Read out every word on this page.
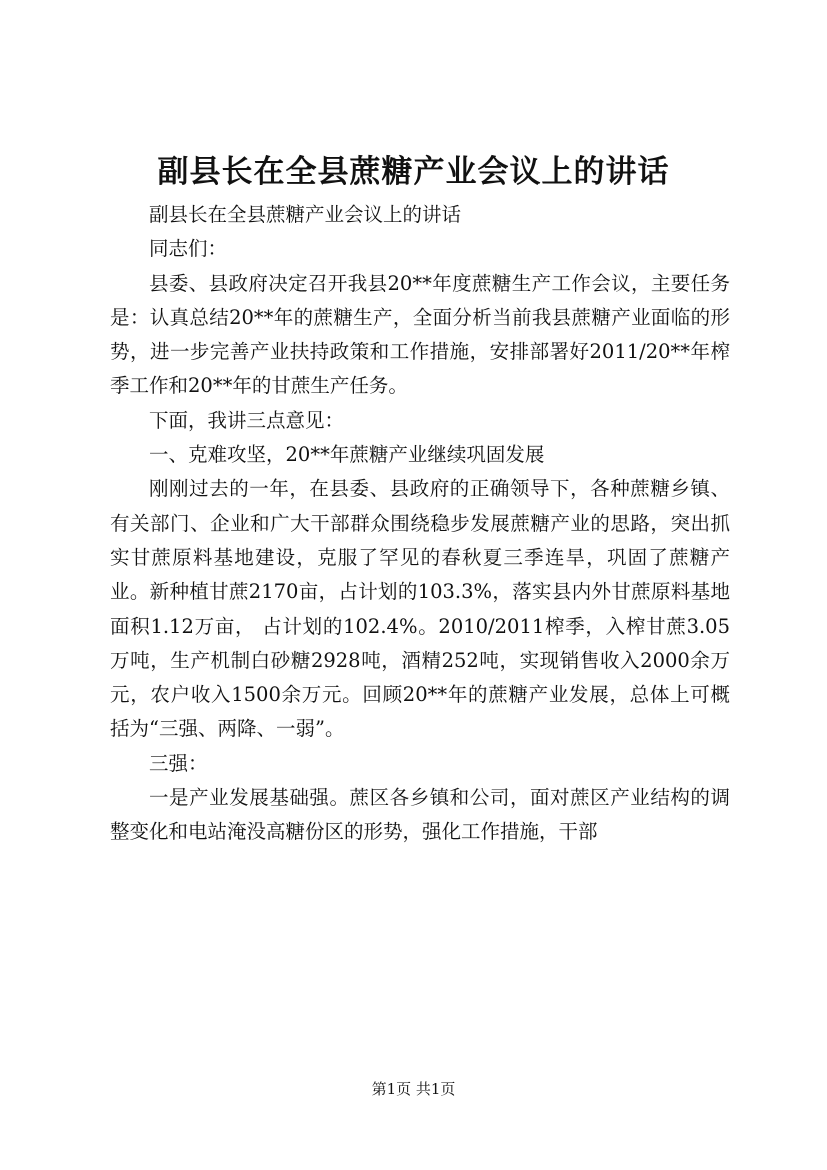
副县长在全县蔗糖产业会议上的讲话

副县长在全县蔗糖产业会议上的讲话

同志们：

县委、县政府决定召开我县20**年度蔗糖生产工作会议，主要任务是：认真总结20**年的蔗糖生产，全面分析当前我县蔗糖产业面临的形势，进一步完善产业扶持政策和工作措施，安排部署好2011/20**年榨季工作和20**年的甘蔗生产任务。

下面，我讲三点意见：

一、克难攻坚，20**年蔗糖产业继续巩固发展

刚刚过去的一年，在县委、县政府的正确领导下，各种蔗糖乡镇、有关部门、企业和广大干部群众围绕稳步发展蔗糖产业的思路，突出抓实甘蔗原料基地建设，克服了罕见的春秋夏三季连旱，巩固了蔗糖产业。新种植甘蔗2170亩，占计划的103.3%，落实县内外甘蔗原料基地面积1.12万亩， 占计划的102.4%。2010/2011榨季，入榨甘蔗3.05万吨，生产机制白砂糖2928吨，酒精252吨，实现销售收入2000余万元，农户收入1500余万元。回顾20**年的蔗糖产业发展，总体上可概括为“三强、两降、一弱”。

三强：

一是产业发展基础强。蔗区各乡镇和公司，面对蔗区产业结构的调整变化和电站淹没高糖份区的形势，强化工作措施，干部

第1页 共1页
